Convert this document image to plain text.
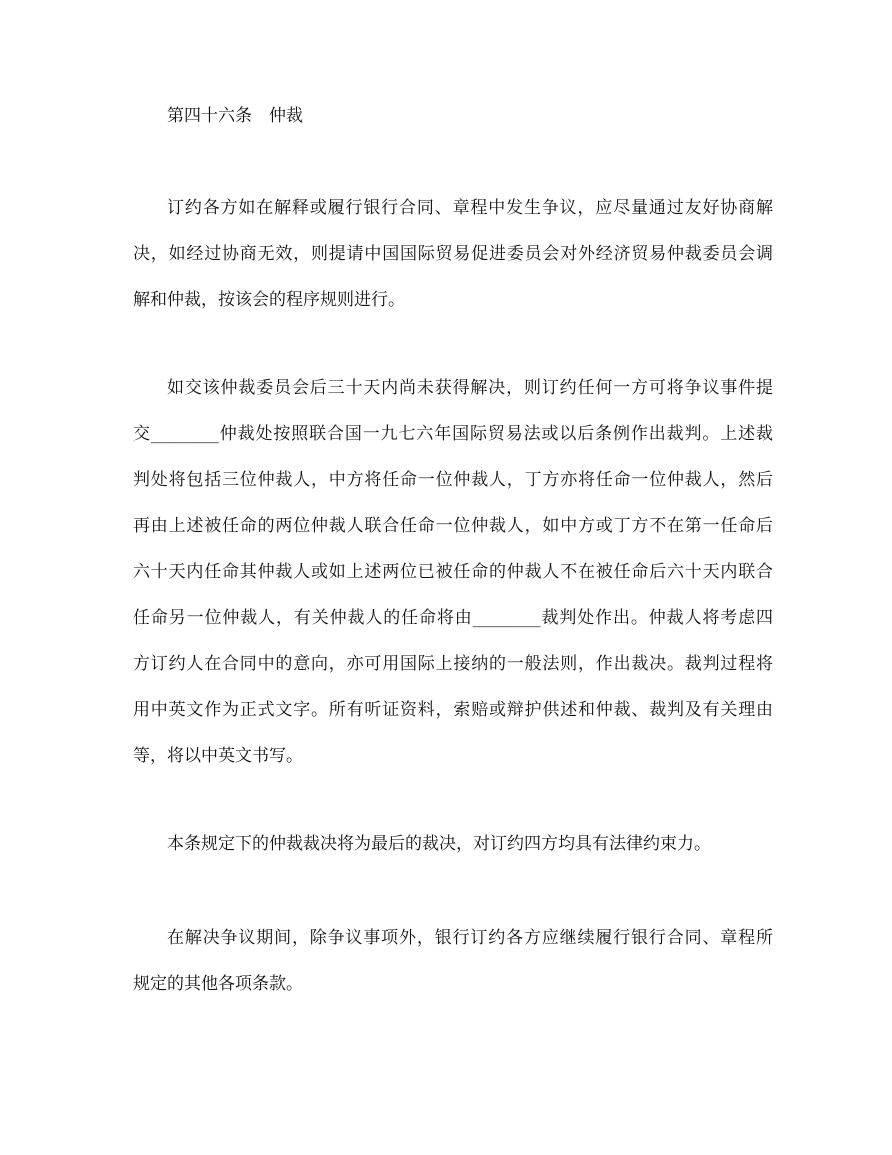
第四十六条　仲裁
订约各方如在解释或履行银行合同、章程中发生争议，应尽量通过友好协商解
决，如经过协商无效，则提请中国国际贸易促进委员会对外经济贸易仲裁委员会调
解和仲裁，按该会的程序规则进行。
如交该仲裁委员会后三十天内尚未获得解决，则订约任何一方可将争议事件提
交________仲裁处按照联合国一九七六年国际贸易法或以后条例作出裁判。上述裁
判处将包括三位仲裁人，中方将任命一位仲裁人，丁方亦将任命一位仲裁人，然后
再由上述被任命的两位仲裁人联合任命一位仲裁人，如中方或丁方不在第一任命后
六十天内任命其仲裁人或如上述两位已被任命的仲裁人不在被任命后六十天内联合
任命另一位仲裁人，有关仲裁人的任命将由________裁判处作出。仲裁人将考虑四
方订约人在合同中的意向，亦可用国际上接纳的一般法则，作出裁决。裁判过程将
用中英文作为正式文字。所有听证资料，索赔或辩护供述和仲裁、裁判及有关理由
等，将以中英文书写。
本条规定下的仲裁裁决将为最后的裁决，对订约四方均具有法律约束力。
在解决争议期间，除争议事项外，银行订约各方应继续履行银行合同、章程所
规定的其他各项条款。
